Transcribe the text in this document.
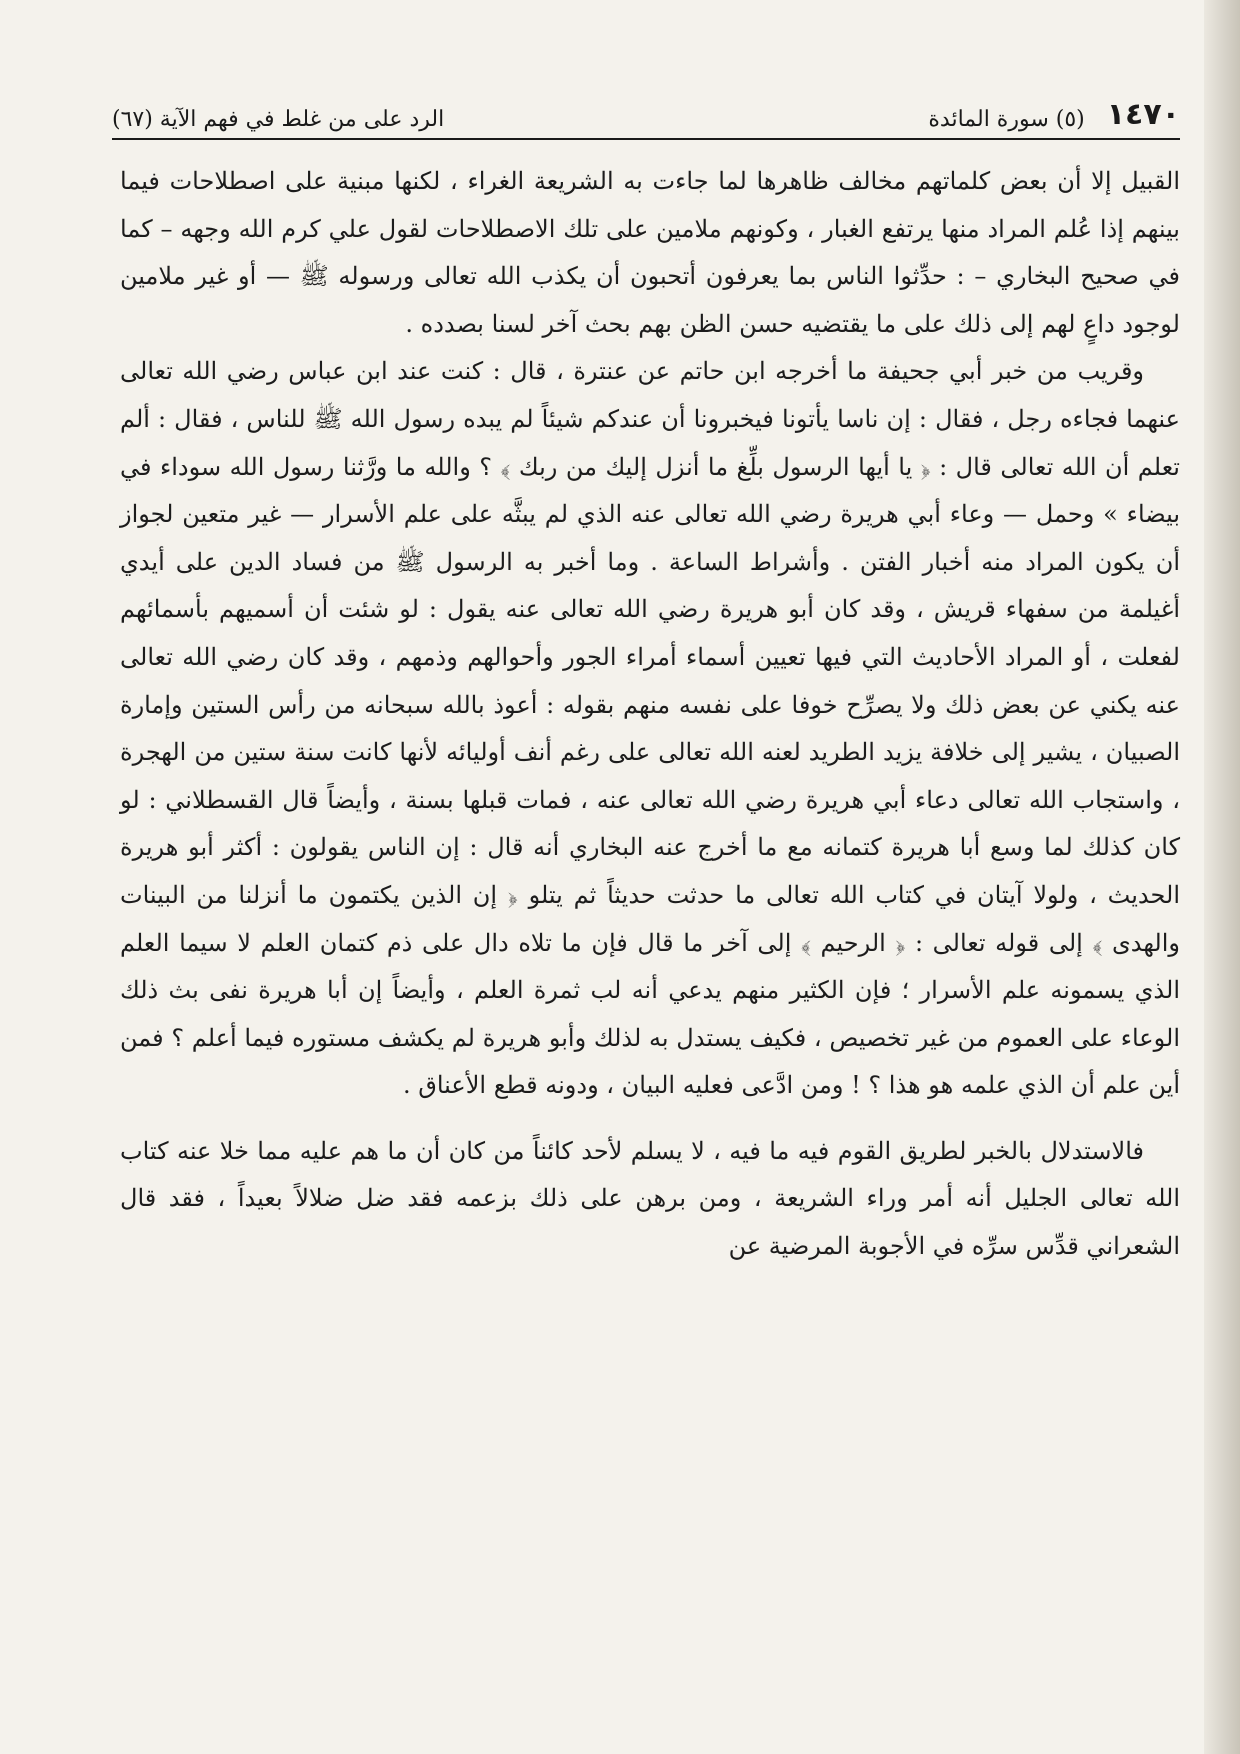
١٤٧٠
(٥) سورة المائدة
الرد على من غلط في فهم الآية (٦٧)

القبيل إلا أن بعض كلماتهم مخالف ظاهرها لما جاءت به الشريعة الغراء ، لكنها مبنية على اصطلاحات فيما بينهم إذا عُلم المراد منها يرتفع الغبار ، وكونهم ملامين على تلك الاصطلاحات لقول علي كرم الله وجهه – كما في صحيح البخاري – : حدِّثوا الناس بما يعرفون أتحبون أن يكذب الله تعالى ورسوله ﷺ — أو غير ملامين لوجود داعٍ لهم إلى ذلك على ما يقتضيه حسن الظن بهم بحث آخر لسنا بصدده .

وقريب من خبر أبي جحيفة ما أخرجه ابن حاتم عن عنترة ، قال : كنت عند ابن عباس رضي الله تعالى عنهما فجاءه رجل ، فقال : إن ناسا يأتونا فيخبرونا أن عندكم شيئاً لم يبده رسول الله ﷺ للناس ، فقال : ألم تعلم أن الله تعالى قال : ﴿ يا أيها الرسول بلِّغ ما أنزل إليك من ربك ﴾ ؟ والله ما ورَّثنا رسول الله سوداء في بيضاء » وحمل — وعاء أبي هريرة رضي الله تعالى عنه الذي لم يبثَّه على علم الأسرار — غير متعين لجواز أن يكون المراد منه أخبار الفتن . وأشراط الساعة . وما أخبر به الرسول ﷺ من فساد الدين على أيدي أغيلمة من سفهاء قريش ، وقد كان أبو هريرة رضي الله تعالى عنه يقول : لو شئت أن أسميهم بأسمائهم لفعلت ، أو المراد الأحاديث التي فيها تعيين أسماء أمراء الجور وأحوالهم وذمهم ، وقد كان رضي الله تعالى عنه يكني عن بعض ذلك ولا يصرِّح خوفا على نفسه منهم بقوله : أعوذ بالله سبحانه من رأس الستين وإمارة الصبيان ، يشير إلى خلافة يزيد الطريد لعنه الله تعالى على رغم أنف أوليائه لأنها كانت سنة ستين من الهجرة ، واستجاب الله تعالى دعاء أبي هريرة رضي الله تعالى عنه ، فمات قبلها بسنة ، وأيضاً قال القسطلاني : لو كان كذلك لما وسع أبا هريرة كتمانه مع ما أخرج عنه البخاري أنه قال : إن الناس يقولون : أكثر أبو هريرة الحديث ، ولولا آيتان في كتاب الله تعالى ما حدثت حديثاً ثم يتلو ﴿ إن الذين يكتمون ما أنزلنا من البينات والهدى ﴾ إلى قوله تعالى : ﴿ الرحيم ﴾ إلى آخر ما قال فإن ما تلاه دال على ذم كتمان العلم لا سيما العلم الذي يسمونه علم الأسرار ؛ فإن الكثير منهم يدعي أنه لب ثمرة العلم ، وأيضاً إن أبا هريرة نفى بث ذلك الوعاء على العموم من غير تخصيص ، فكيف يستدل به لذلك وأبو هريرة لم يكشف مستوره فيما أعلم ؟ فمن أين علم أن الذي علمه هو هذا ؟ ! ومن ادَّعى فعليه البيان ، ودونه قطع الأعناق .

فالاستدلال بالخبر لطريق القوم فيه ما فيه ، لا يسلم لأحد كائناً من كان أن ما هم عليه مما خلا عنه كتاب الله تعالى الجليل أنه أمر وراء الشريعة ، ومن برهن على ذلك بزعمه فقد ضل ضلالاً بعيداً ، فقد قال الشعراني قدِّس سرِّه في الأجوبة المرضية عن
